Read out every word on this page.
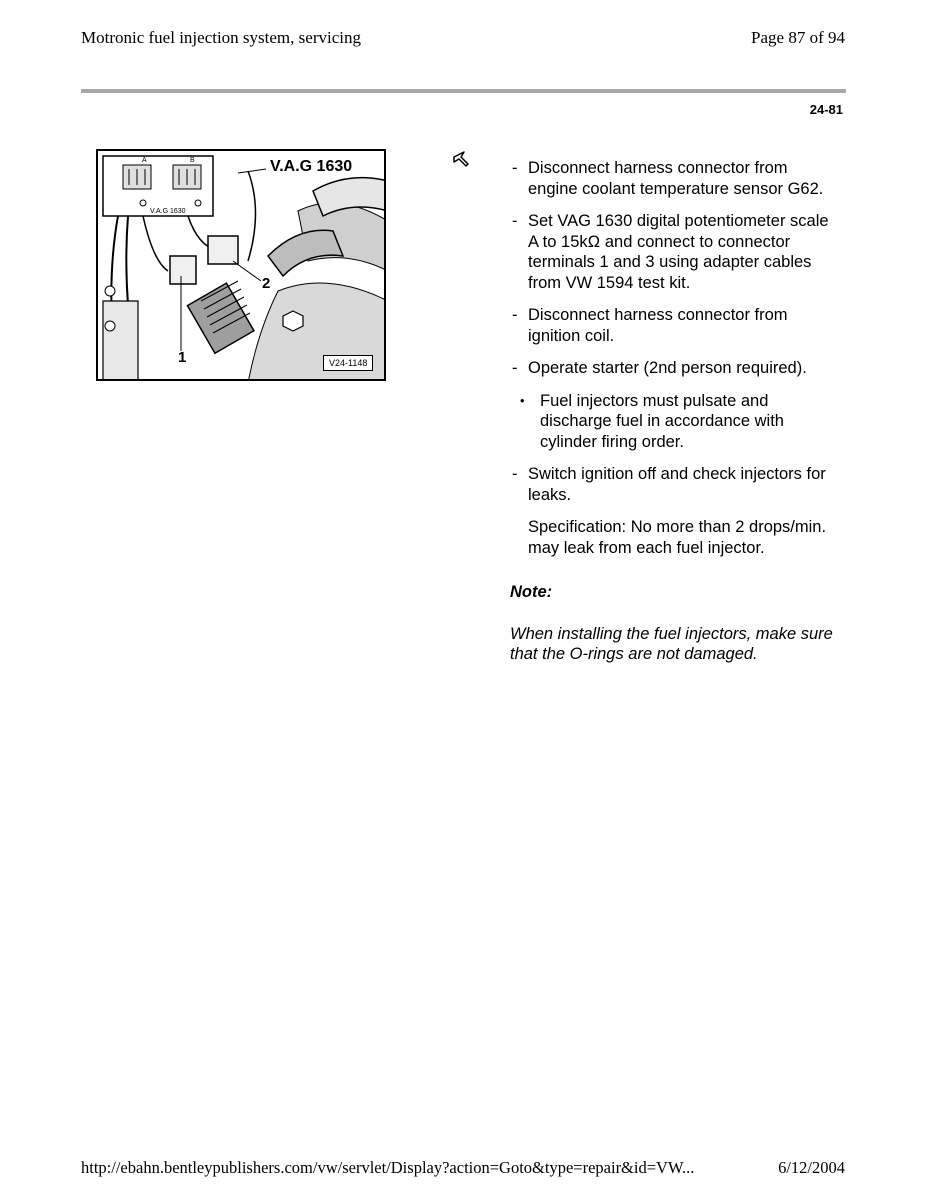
Motronic fuel injection system, servicing	Page 87 of 94
24-81
A	B
V.A.G 1630
V.A.G 1630
1
2
V24-1148
- Disconnect harness connector from engine coolant temperature sensor G62.
- Set VAG 1630 digital potentiometer scale A to 15kΩ and connect to connector terminals 1 and 3 using adapter cables from VW 1594 test kit.
- Disconnect harness connector from ignition coil.
- Operate starter (2nd person required).
• Fuel injectors must pulsate and discharge fuel in accordance with cylinder firing order.
- Switch ignition off and check injectors for leaks.
Specification: No more than 2 drops/min. may leak from each fuel injector.
Note:
When installing the fuel injectors, make sure that the O-rings are not damaged.
http://ebahn.bentleypublishers.com/vw/servlet/Display?action=Goto&type=repair&id=VW...	6/12/2004
